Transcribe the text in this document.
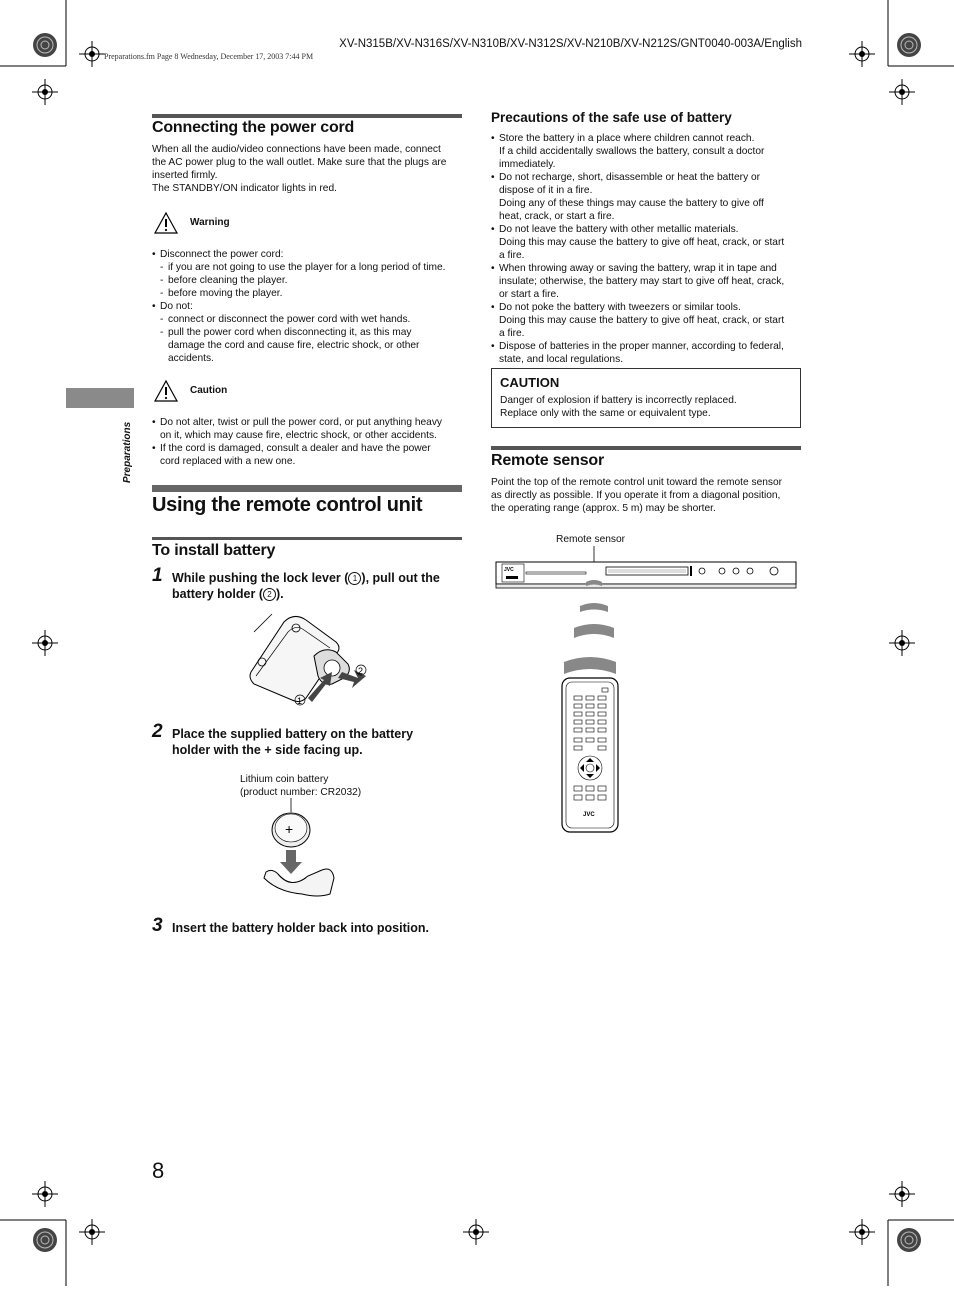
XV-N315B/XV-N316S/XV-N310B/XV-N312S/XV-N210B/XV-N212S/GNT0040-003A/English
Preparations.fm Page 8 Wednesday, December 17, 2003 7:44 PM
Preparations
Connecting the power cord
When all the audio/video connections have been made, connect
the AC power plug to the wall outlet. Make sure that the plugs are
inserted firmly.
The STANDBY/ON indicator lights in red.
Warning
• Disconnect the power cord:
- if you are not going to use the player for a long period of time.
- before cleaning the player.
- before moving the player.
• Do not:
- connect or disconnect the power cord with wet hands.
- pull the power cord when disconnecting it, as this may
damage the cord and cause fire, electric shock, or other
accidents.
Caution
• Do not alter, twist or pull the power cord, or put anything heavy
on it, which may cause fire, electric shock, or other accidents.
• If the cord is damaged, consult a dealer and have the power
cord replaced with a new one.
Using the remote control unit
To install battery
1 While pushing the lock lever ( 1 ), pull out the
battery holder ( 2 ).
2
1
2 Place the supplied battery on the battery
holder with the + side facing up.
Lithium coin battery
(product number: CR2032)
+
3 Insert the battery holder back into position.
Precautions of the safe use of battery
• Store the battery in a place where children cannot reach.
If a child accidentally swallows the battery, consult a doctor
immediately.
• Do not recharge, short, disassemble or heat the battery or
dispose of it in a fire.
Doing any of these things may cause the battery to give off
heat, crack, or start a fire.
• Do not leave the battery with other metallic materials.
Doing this may cause the battery to give off heat, crack, or start
a fire.
• When throwing away or saving the battery, wrap it in tape and
insulate; otherwise, the battery may start to give off heat, crack,
or start a fire.
• Do not poke the battery with tweezers or similar tools.
Doing this may cause the battery to give off heat, crack, or start
a fire.
• Dispose of batteries in the proper manner, according to federal,
state, and local regulations.
CAUTION
Danger of explosion if battery is incorrectly replaced.
Replace only with the same or equivalent type.
Remote sensor
Point the top of the remote control unit toward the remote sensor
as directly as possible. If you operate it from a diagonal position,
the operating range (approx. 5 m) may be shorter.
Remote sensor
JVC
JVC
8
